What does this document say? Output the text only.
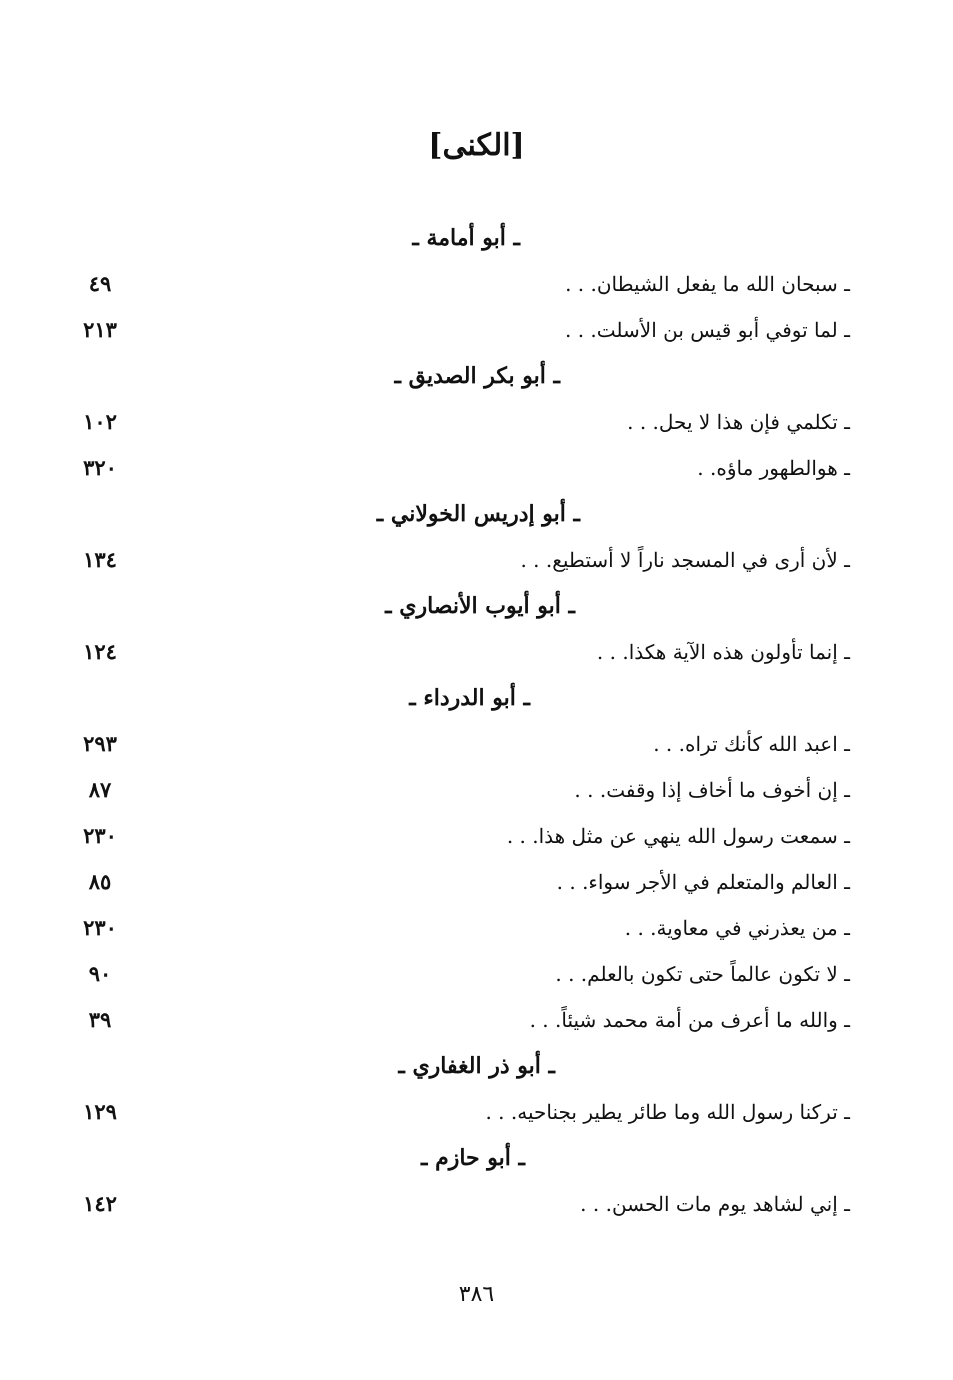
[الكنى]
ـ أبو أمامة ـ
٤٩	ـ سبحان الله ما يفعل الشيطان. . .
٢١٣	ـ لما توفي أبو قيس بن الأسلت. . .
ـ أبو بكر الصديق ـ
١٠٢	ـ تكلمي فإن هذا لا يحل. . .
٣٢٠	ـ هوالطهور ماؤه. .
ـ أبو إدريس الخولاني ـ
١٣٤	ـ لأن أرى في المسجد ناراً لا أستطيع. . .
ـ أبو أيوب الأنصاري ـ
١٢٤	ـ إنما تأولون هذه الآية هكذا. . .
ـ أبو الدرداء ـ
٢٩٣	ـ اعبد الله كأنك تراه. . .
٨٧	ـ إن أخوف ما أخاف إذا وقفت. . .
٢٣٠	ـ سمعت رسول الله ينهي عن مثل هذا. . .
٨٥	ـ العالم والمتعلم في الأجر سواء. . .
٢٣٠	ـ من يعذرني في معاوية. . .
٩٠	ـ لا تكون عالماً حتى تكون بالعلم. . .
٣٩	ـ والله ما أعرف من أمة محمد شيئاً. . .
ـ أبو ذر الغفاري ـ
١٢٩	ـ تركنا رسول الله وما طائر يطير بجناحيه. . .
ـ أبو حازم ـ
١٤٢	ـ إني لشاهد يوم مات الحسن. . .
٣٨٦
